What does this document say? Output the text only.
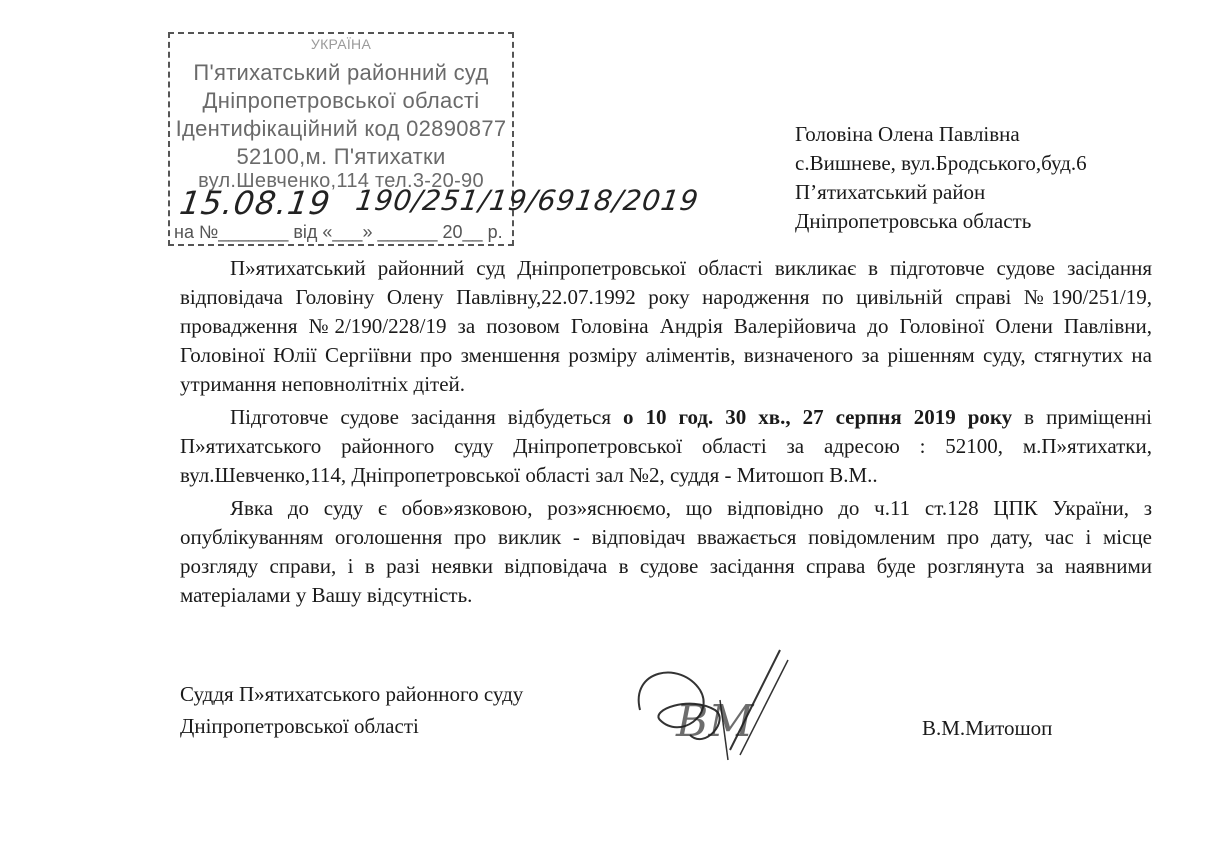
УКРАЇНА
П'ятихатський районний суд
Дніпропетровської області
Ідентифікаційний код 02890877
52100,м. П'ятихатки
вул.Шевченко,114 тел.3-20-90
15.08.19 190/251/19/6918/2019
на №_______ від «___» ______ 20__ р.
Головіна Олена Павлівна
с.Вишневе, вул.Бродського,буд.6
П’ятихатський район
Дніпропетровська область

П»ятихатський районний суд Дніпропетровської області викликає в підготовче судове засідання відповідача Головіну Олену Павлівну,22.07.1992 року народження по цивільній справі №190/251/19, провадження №2/190/228/19 за позовом Головіна Андрія Валерійовича до Головіної Олени Павлівни, Головіної Юлії Сергіївни про зменшення розміру аліментів, визначеного за рішенням суду, стягнутих на утримання неповнолітніх дітей.

Підготовче судове засідання відбудеться о 10 год. 30 хв., 27 серпня 2019 року в приміщенні П»ятихатського районного суду Дніпропетровської області за адресою : 52100, м.П»ятихатки, вул.Шевченко,114, Дніпропетровської області зал №2, суддя - Митошоп В.М..

Явка до суду є обов»язковою, роз»яснюємо, що відповідно до ч.11 ст.128 ЦПК України, з опублікуванням оголошення про виклик - відповідач вважається повідомленим про дату, час і місце розгляду справи, і в разі неявки відповідача в судове засідання справа буде розглянута за наявними матеріалами у Вашу відсутність.

Суддя П»ятихатського районного суду
Дніпропетровської області	ВМ	В.М.Митошоп
